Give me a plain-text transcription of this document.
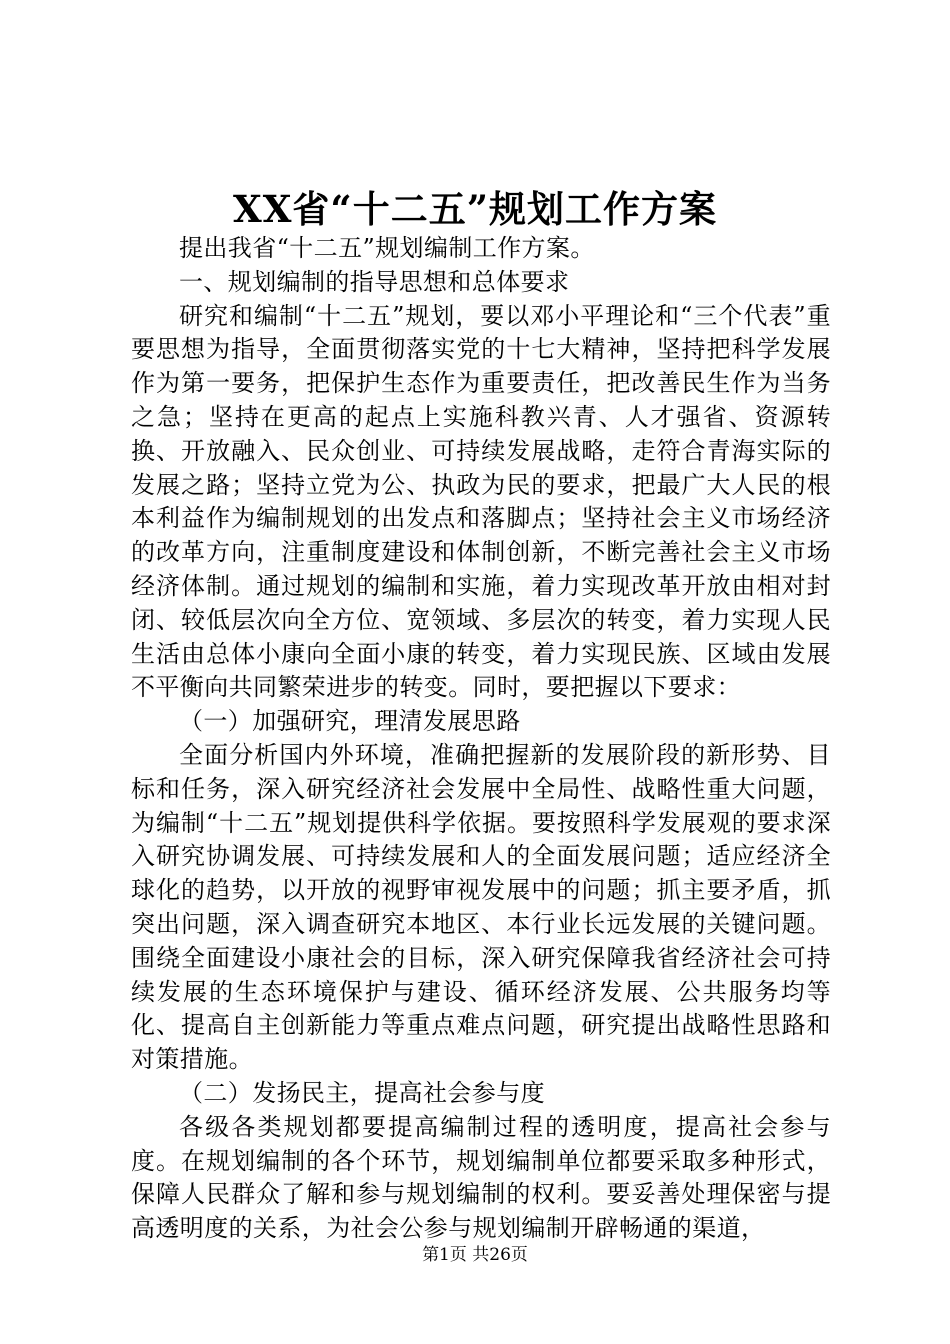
XX省“十二五”规划工作方案

提出我省“十二五”规划编制工作方案。

一、规划编制的指导思想和总体要求

研究和编制“十二五”规划，要以邓小平理论和“三个代表”重要思想为指导，全面贯彻落实党的十七大精神，坚持把科学发展作为第一要务，把保护生态作为重要责任，把改善民生作为当务之急；坚持在更高的起点上实施科教兴青、人才强省、资源转换、开放融入、民众创业、可持续发展战略，走符合青海实际的发展之路；坚持立党为公、执政为民的要求，把最广大人民的根本利益作为编制规划的出发点和落脚点；坚持社会主义市场经济的改革方向，注重制度建设和体制创新，不断完善社会主义市场经济体制。通过规划的编制和实施，着力实现改革开放由相对封闭、较低层次向全方位、宽领域、多层次的转变，着力实现人民生活由总体小康向全面小康的转变，着力实现民族、区域由发展不平衡向共同繁荣进步的转变。同时，要把握以下要求：

（一）加强研究，理清发展思路

全面分析国内外环境，准确把握新的发展阶段的新形势、目标和任务，深入研究经济社会发展中全局性、战略性重大问题，为编制“十二五”规划提供科学依据。要按照科学发展观的要求深入研究协调发展、可持续发展和人的全面发展问题；适应经济全球化的趋势，以开放的视野审视发展中的问题；抓主要矛盾，抓突出问题，深入调查研究本地区、本行业长远发展的关键问题。围绕全面建设小康社会的目标，深入研究保障我省经济社会可持续发展的生态环境保护与建设、循环经济发展、公共服务均等化、提高自主创新能力等重点难点问题，研究提出战略性思路和对策措施。

（二）发扬民主，提高社会参与度

各级各类规划都要提高编制过程的透明度，提高社会参与度。在规划编制的各个环节，规划编制单位都要采取多种形式，保障人民群众了解和参与规划编制的权利。要妥善处理保密与提高透明度的关系，为社会公参与规划编制开辟畅通的渠道，

第1页 共26页
